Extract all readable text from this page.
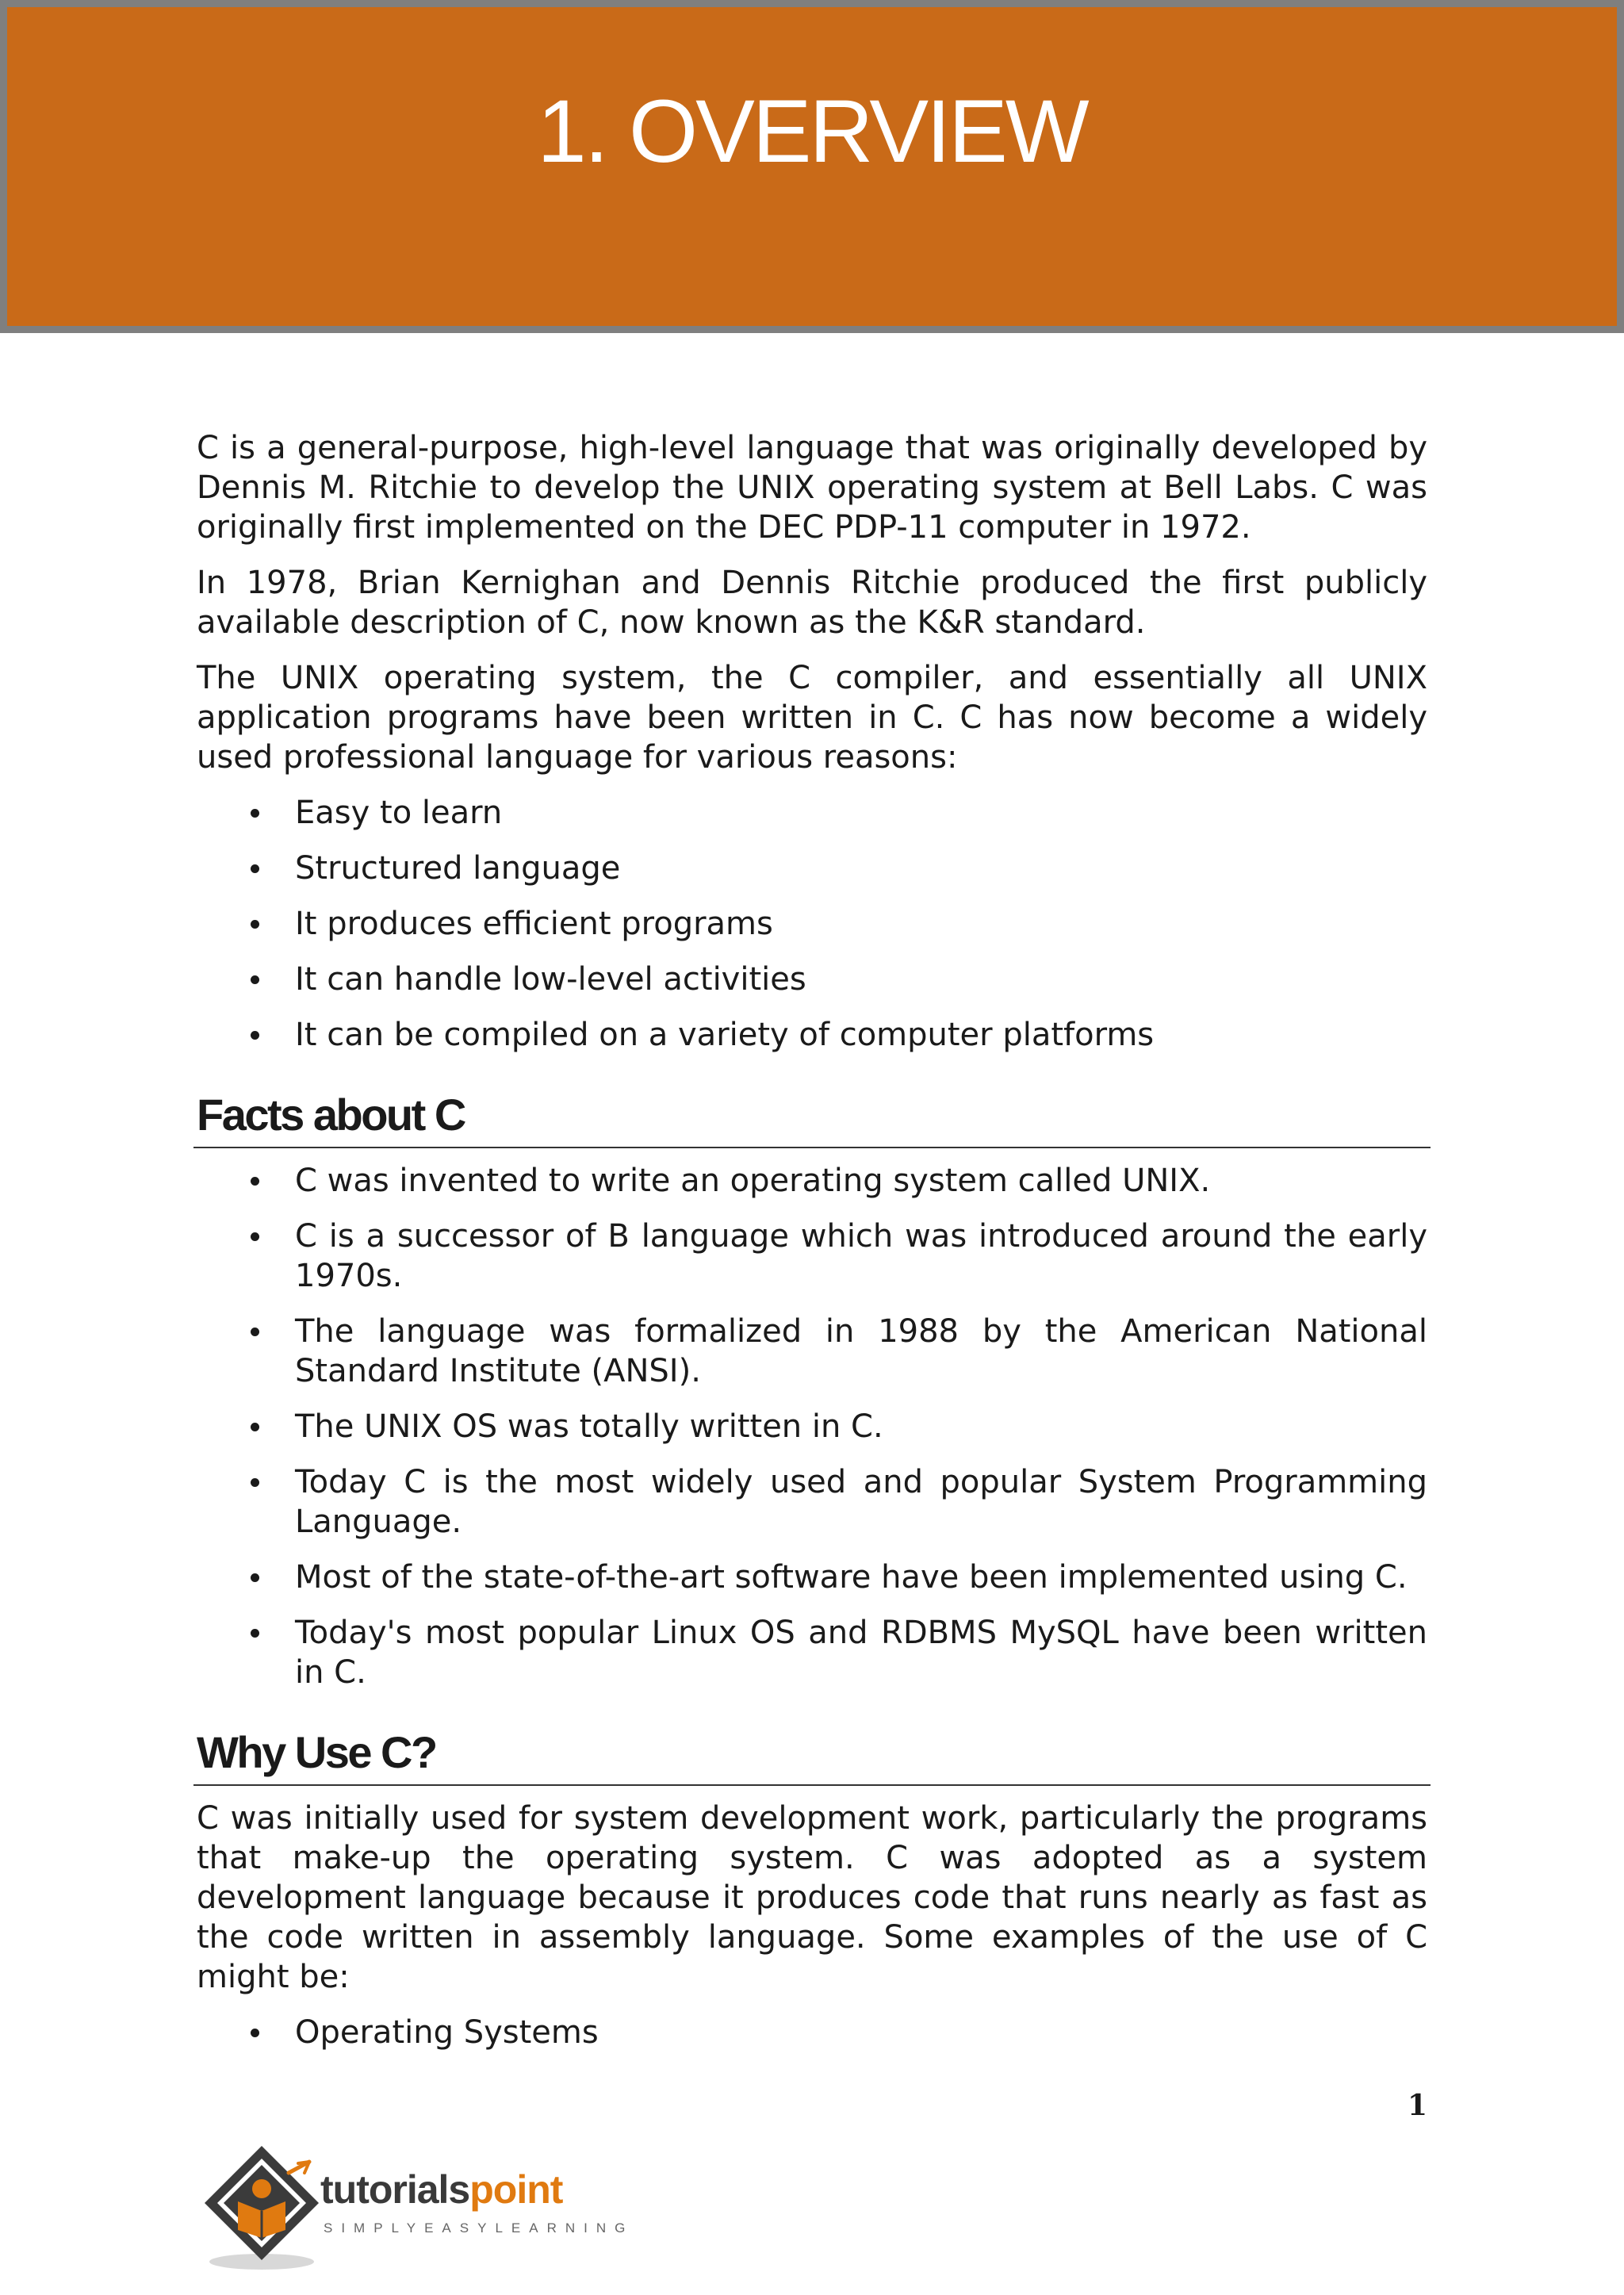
1. OVERVIEW

C is a general-purpose, high-level language that was originally developed by Dennis M. Ritchie to develop the UNIX operating system at Bell Labs. C was originally first implemented on the DEC PDP-11 computer in 1972.

In 1978, Brian Kernighan and Dennis Ritchie produced the first publicly available description of C, now known as the K&R standard.

The UNIX operating system, the C compiler, and essentially all UNIX application programs have been written in C. C has now become a widely used professional language for various reasons:

Easy to learn
Structured language
It produces efficient programs
It can handle low-level activities
It can be compiled on a variety of computer platforms
Facts about C
C was invented to write an operating system called UNIX.
C is a successor of B language which was introduced around the early 1970s.
The language was formalized in 1988 by the American National Standard Institute (ANSI).
The UNIX OS was totally written in C.
Today C is the most widely used and popular System Programming Language.
Most of the state-of-the-art software have been implemented using C.
Today's most popular Linux OS and RDBMS MySQL have been written in C.
Why Use C?

C was initially used for system development work, particularly the programs that make-up the operating system. C was adopted as a system development language because it produces code that runs nearly as fast as the code written in assembly language. Some examples of the use of C might be:

Operating Systems

1

tutorialspoint
SIMPLYEASYLEARNING
